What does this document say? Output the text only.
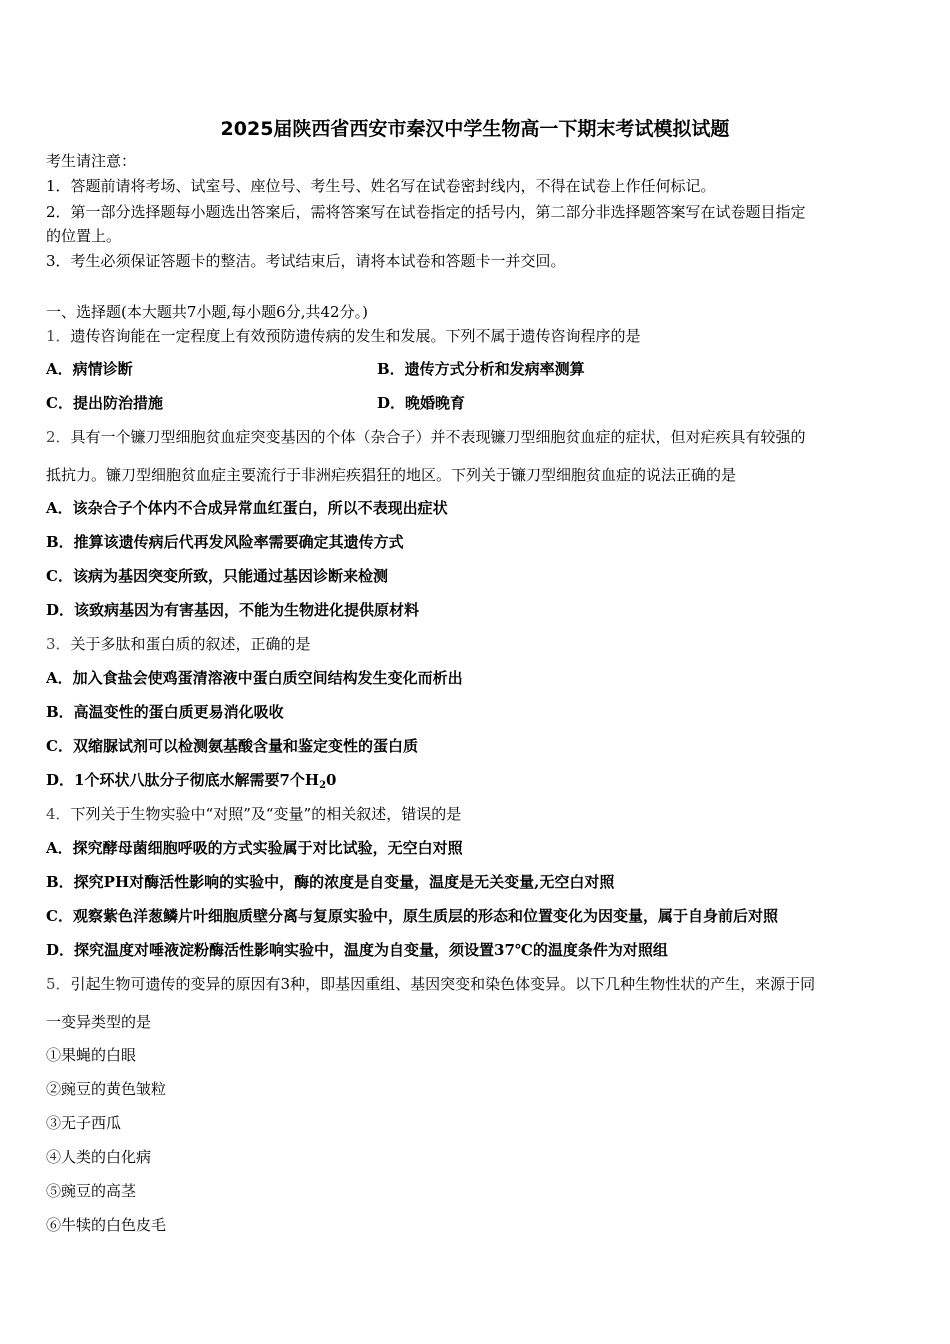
2025届陕西省西安市秦汉中学生物高一下期末考试模拟试题
考生请注意：
1．答题前请将考场、试室号、座位号、考生号、姓名写在试卷密封线内，不得在试卷上作任何标记。
2．第一部分选择题每小题选出答案后，需将答案写在试卷指定的括号内，第二部分非选择题答案写在试卷题目指定
的位置上。
3．考生必须保证答题卡的整洁。考试结束后，请将本试卷和答题卡一并交回。
一、选择题(本大题共7小题,每小题6分,共42分。)
1．遗传咨询能在一定程度上有效预防遗传病的发生和发展。下列不属于遗传咨询程序的是
A．病情诊断	B．遗传方式分析和发病率测算
C．提出防治措施	D．晚婚晚育
2．具有一个镰刀型细胞贫血症突变基因的个体（杂合子）并不表现镰刀型细胞贫血症的症状，但对疟疾具有较强的
抵抗力。镰刀型细胞贫血症主要流行于非洲疟疾猖狂的地区。下列关于镰刀型细胞贫血症的说法正确的是
A．该杂合子个体内不合成异常血红蛋白，所以不表现出症状
B．推算该遗传病后代再发风险率需要确定其遗传方式
C．该病为基因突变所致，只能通过基因诊断来检测
D．该致病基因为有害基因，不能为生物进化提供原材料
3．关于多肽和蛋白质的叙述，正确的是
A．加入食盐会使鸡蛋清溶液中蛋白质空间结构发生变化而析出
B．高温变性的蛋白质更易消化吸收
C．双缩脲试剂可以检测氨基酸含量和鉴定变性的蛋白质
D．1个环状八肽分子彻底水解需要7个$H_20$
4．下列关于生物实验中“对照”及“变量”的相关叙述，错误的是
A．探究酵母菌细胞呼吸的方式实验属于对比试验，无空白对照
B．探究PH对酶活性影响的实验中，酶的浓度是自变量，温度是无关变量,无空白对照
C．观察紫色洋葱鳞片叶细胞质壁分离与复原实验中，原生质层的形态和位置变化为因变量，属于自身前后对照
D．探究温度对唾液淀粉酶活性影响实验中，温度为自变量，须设置37℃的温度条件为对照组
5．引起生物可遗传的变异的原因有3种，即基因重组、基因突变和染色体变异。以下几种生物性状的产生，来源于同
一变异类型的是
①果蝇的白眼
②豌豆的黄色皱粒
③无子西瓜
④人类的白化病
⑤豌豆的高茎
⑥牛犊的白色皮毛
